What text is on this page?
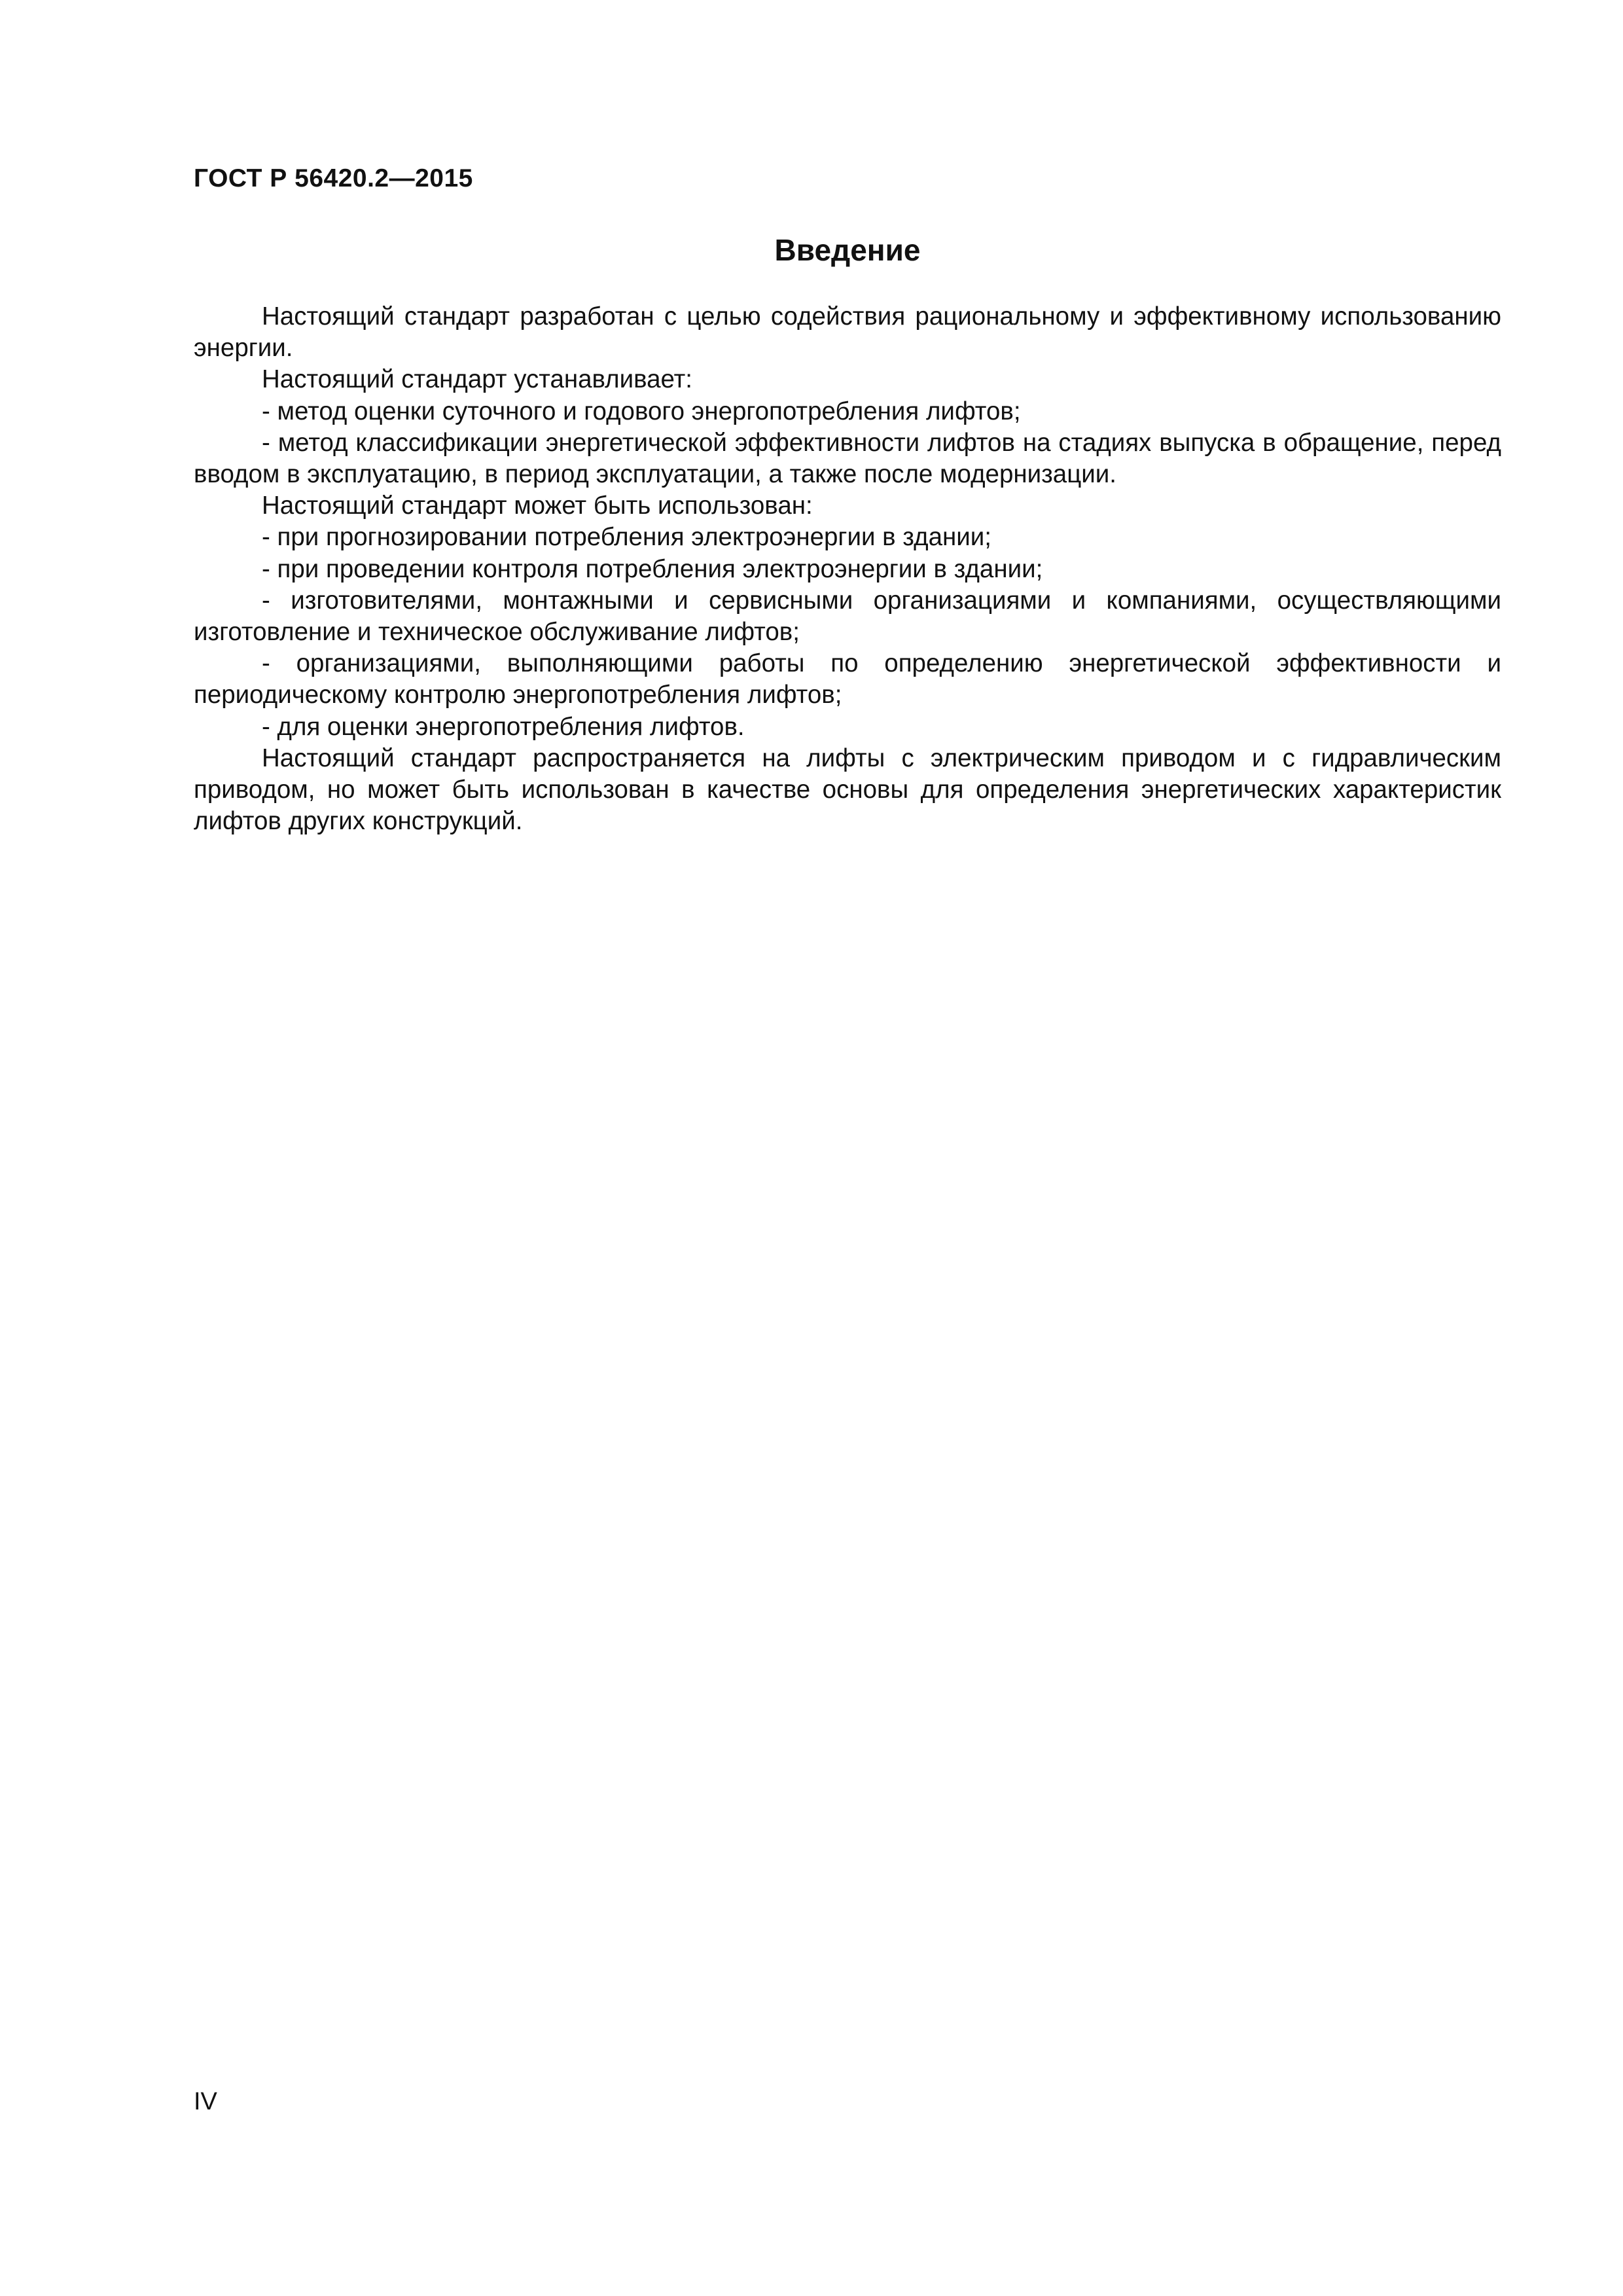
ГОСТ Р 56420.2—2015
Введение

Настоящий стандарт разработан с целью содействия рациональному и эффективному использованию энергии.

Настоящий стандарт устанавливает:

- метод оценки суточного и годового энергопотребления лифтов;

- метод классификации энергетической эффективности лифтов на стадиях выпуска в обращение, перед вводом в эксплуатацию, в период эксплуатации, а также после модернизации.

Настоящий стандарт может быть использован:

- при прогнозировании потребления электроэнергии в здании;

- при проведении контроля потребления электроэнергии в здании;

- изготовителями, монтажными и сервисными организациями и компаниями, осуществляющими изготовление и техническое обслуживание лифтов;

- организациями, выполняющими работы по определению энергетической эффективности и периодическому контролю энергопотребления лифтов;

- для оценки энергопотребления лифтов.

Настоящий стандарт распространяется на лифты с электрическим приводом и с гидравлическим приводом, но может быть использован в качестве основы для определения энергетических характеристик лифтов других конструкций.

IV
